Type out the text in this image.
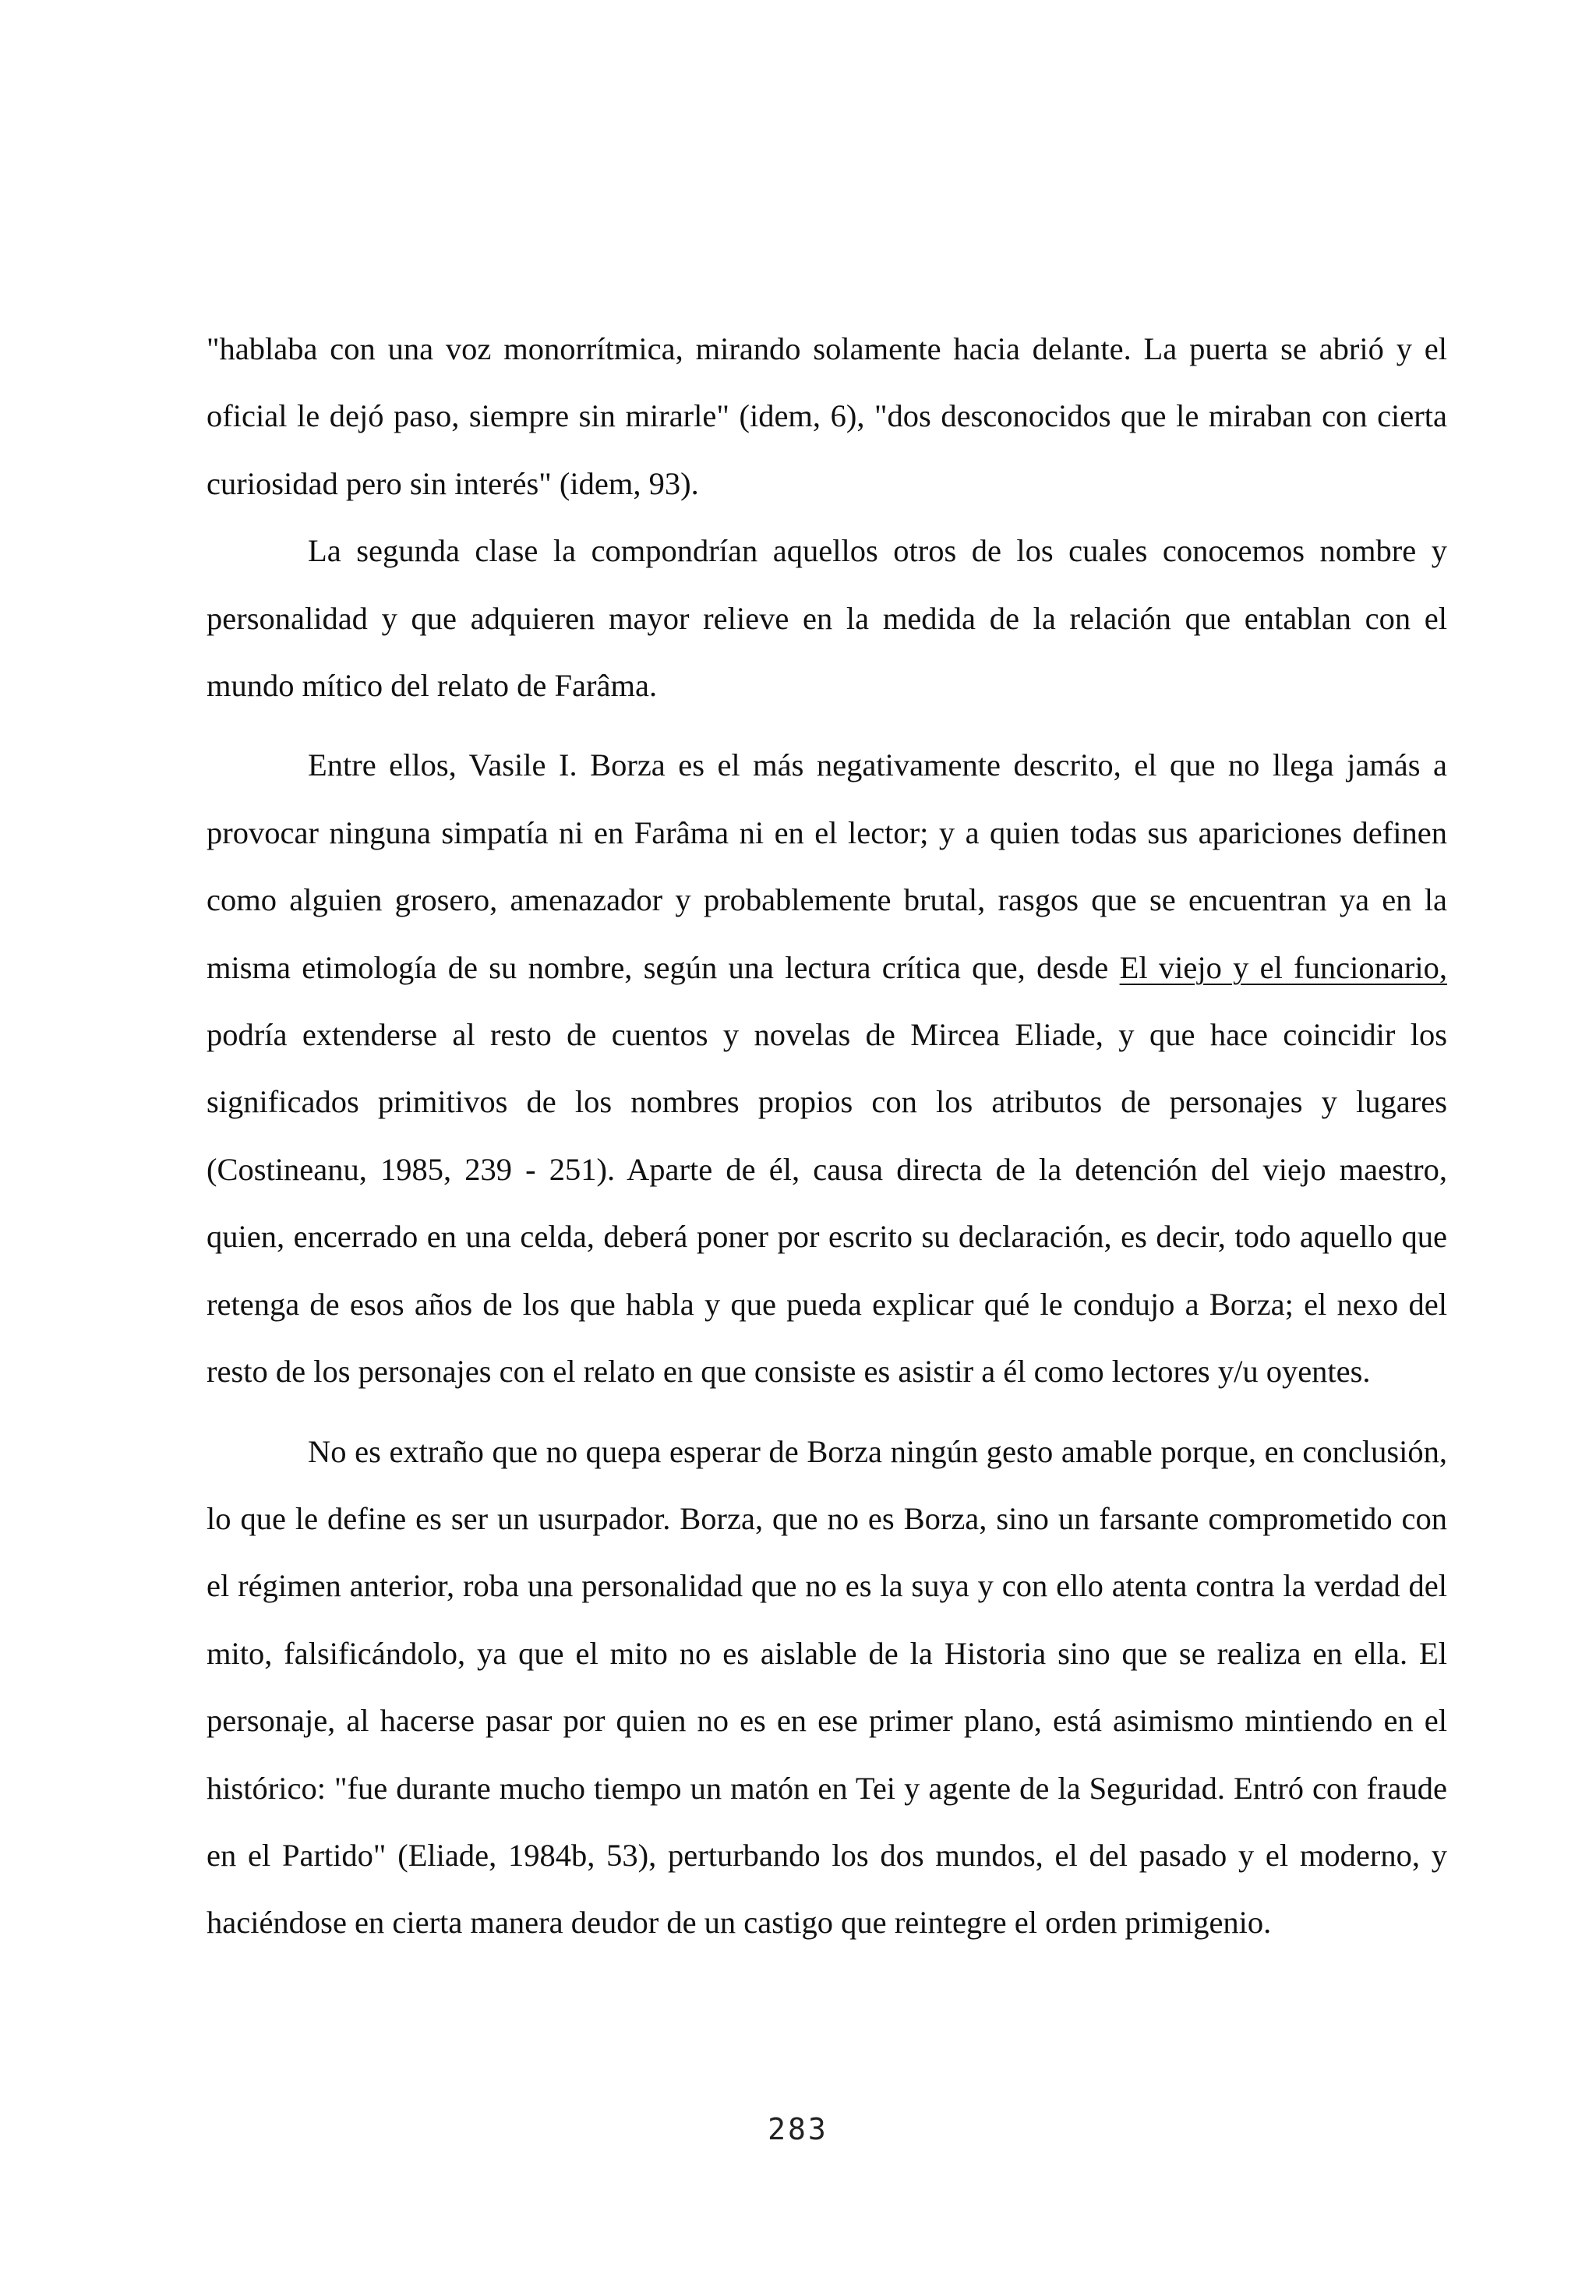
"hablaba con una voz monorrítmica, mirando solamente hacia delante. La puerta se abrió y el oficial le dejó paso, siempre sin mirarle" (idem, 6), "dos desconocidos que le miraban con cierta curiosidad pero sin interés" (idem, 93).

La segunda clase la compondrían aquellos otros de los cuales conocemos nombre y personalidad y que adquieren mayor relieve en la medida de la relación que entablan con el mundo mítico del relato de Farâma.

Entre ellos, Vasile I. Borza es el más negativamente descrito, el que no llega jamás a provocar ninguna simpatía ni en Farâma ni en el lector; y a quien todas sus apariciones definen como alguien grosero, amenazador y probablemente brutal, rasgos que se encuentran ya en la misma etimología de su nombre, según una lectura crítica que, desde El viejo y el funcionario, podría extenderse al resto de cuentos y novelas de Mircea Eliade, y que hace coincidir los significados primitivos de los nombres propios con los atributos de personajes y lugares (Costineanu, 1985, 239 - 251). Aparte de él, causa directa de la detención del viejo maestro, quien, encerrado en una celda, deberá poner por escrito su declaración, es decir, todo aquello que retenga de esos años de los que habla y que pueda explicar qué le condujo a Borza; el nexo del resto de los personajes con el relato en que consiste es asistir a él como lectores y/u oyentes.

No es extraño que no quepa esperar de Borza ningún gesto amable porque, en conclusión, lo que le define es ser un usurpador. Borza, que no es Borza, sino un farsante comprometido con el régimen anterior, roba una personalidad que no es la suya y con ello atenta contra la verdad del mito, falsificándolo, ya que el mito no es aislable de la Historia sino que se realiza en ella. El personaje, al hacerse pasar por quien no es en ese primer plano, está asimismo mintiendo en el histórico: "fue durante mucho tiempo un matón en Tei y agente de la Seguridad. Entró con fraude en el Partido" (Eliade, 1984b, 53), perturbando los dos mundos, el del pasado y el moderno, y haciéndose en cierta manera deudor de un castigo que reintegre el orden primigenio.

283
